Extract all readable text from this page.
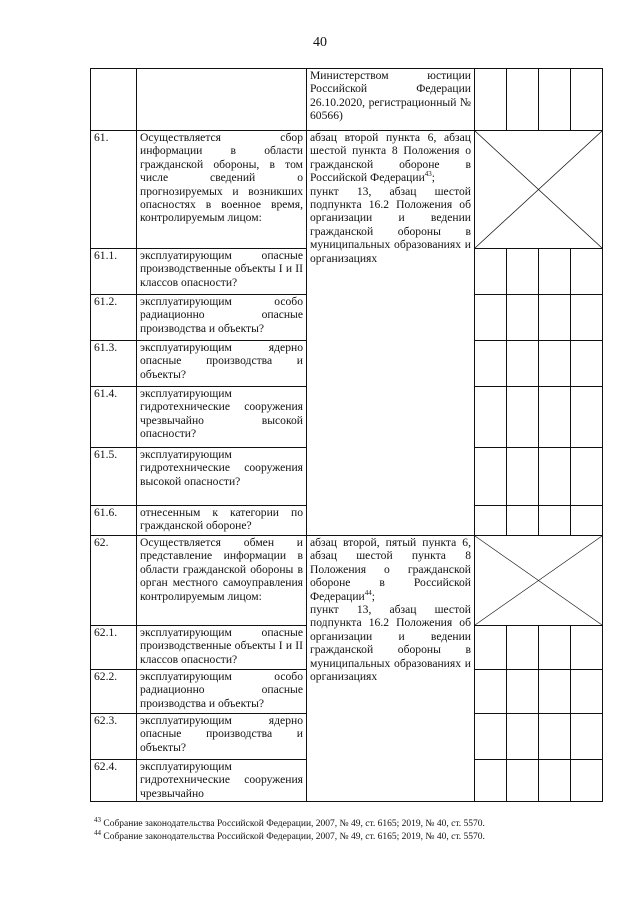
40
		Министерством юстиции Российской Федерации 26.10.2020, регистрационный № 60566)				
61.	Осуществляется сбор информации в области гражданской обороны, в том числе сведений о прогнозируемых и возникших опасностях в военное время, контролируемым лицом:	абзац второй пункта 6, абзац шестой пункта 8 Положения о гражданской обороне в Российской Федерации$^{43}$;
пункт 13, абзац шестой подпункта 16.2 Положения об организации и ведении гражданской обороны в муниципальных образованиях и организациях	

61.1.	эксплуатирующим опасные производственные объекты I и II классов опасности?					
61.2.	эксплуатирующим особо радиационно опасные производства и объекты?					
61.3.	эксплуатирующим ядерно опасные производства и объекты?					
61.4.	эксплуатирующим гидротехнические сооружения чрезвычайно высокой опасности?					
61.5.	эксплуатирующим гидротехнические сооружения высокой опасности?					
61.6.	отнесенным к категории по гражданской обороне?					
62.	Осуществляется обмен и представление информации в области гражданской обороны в орган местного самоуправления контролируемым лицом:	абзац второй, пятый пункта 6, абзац шестой пункта 8 Положения о гражданской обороне в Российской Федерации$^{44}$;
пункт 13, абзац шестой подпункта 16.2 Положения об организации и ведении гражданской обороны в муниципальных образованиях и организациях	

62.1.	эксплуатирующим опасные производственные объекты I и II классов опасности?					
62.2.	эксплуатирующим особо радиационно опасные производства и объекты?					
62.3.	эксплуатирующим ядерно опасные производства и объекты?					
62.4.	эксплуатирующим гидротехнические сооружения чрезвычайно					
$^{43}$ Собрание законодательства Российской Федерации, 2007, № 49, ст. 6165; 2019, № 40, ст. 5570.
$^{44}$ Собрание законодательства Российской Федерации, 2007, № 49, ст. 6165; 2019, № 40, ст. 5570.
